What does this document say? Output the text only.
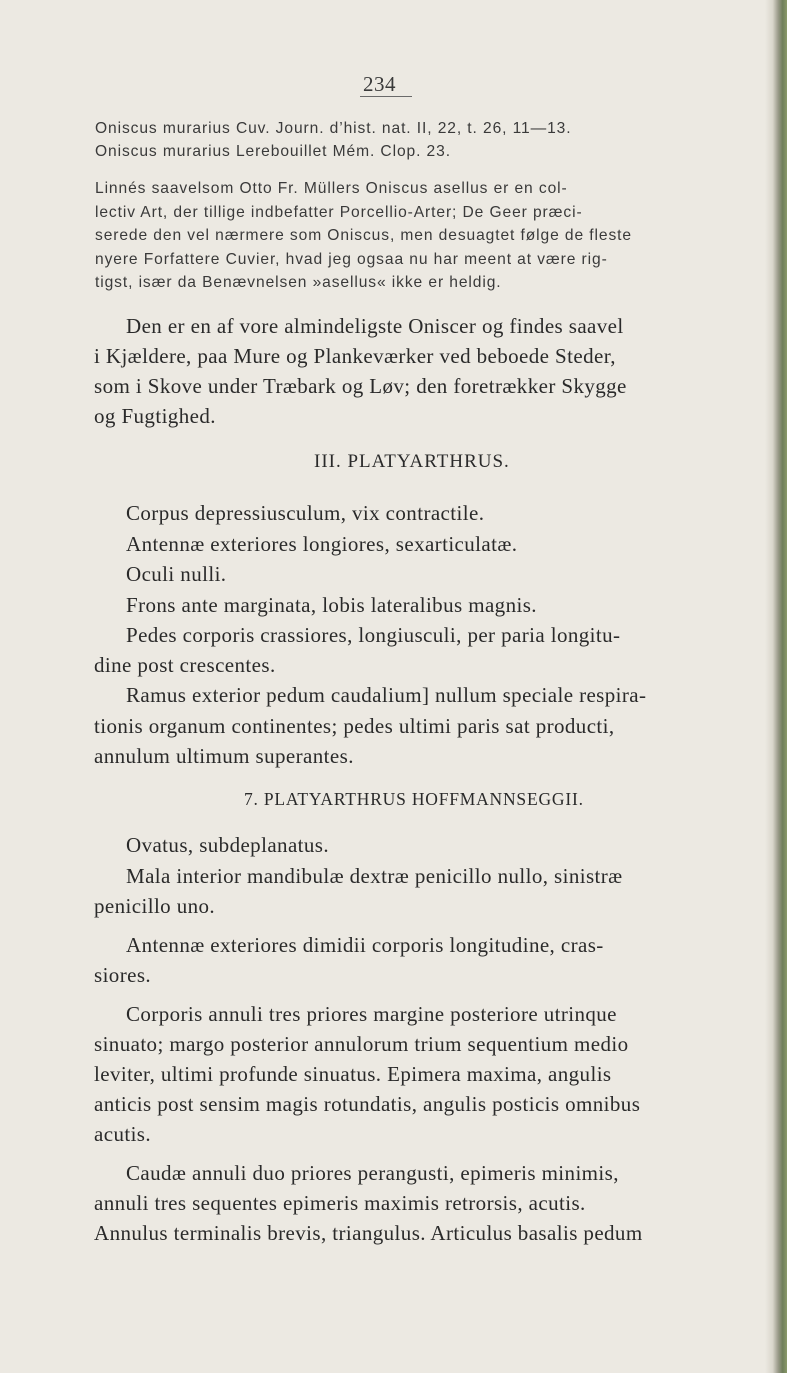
234

Oniscus murarius Cuv. Journ. d’hist. nat. II, 22, t. 26, 11—13.

Oniscus murarius Lerebouillet Mém. Clop. 23.

Linnés saavelsom Otto Fr. Müllers Oniscus asellus er en col-

lectiv Art, der tillige indbefatter Porcellio-Arter; De Geer præci-

serede den vel nærmere som Oniscus, men desuagtet følge de fleste

nyere Forfattere Cuvier, hvad jeg ogsaa nu har meent at være rig-

tigst, især da Benævnelsen »asellus« ikke er heldig.

Den er en af vore almindeligste Oniscer og findes saavel

i Kjældere, paa Mure og Plankeværker ved beboede Steder,

som i Skove under Træbark og Løv; den foretrækker Skygge

og Fugtighed.

III. PLATYARTHRUS.

Corpus depressiusculum, vix contractile.

Antennæ exteriores longiores, sexarticulatæ.

Oculi nulli.

Frons ante marginata, lobis lateralibus magnis.

Pedes corporis crassiores, longiusculi, per paria longitu-

dine post crescentes.

Ramus exterior pedum caudalium] nullum speciale respira-

tionis organum continentes; pedes ultimi paris sat producti,

annulum ultimum superantes.

7. PLATYARTHRUS HOFFMANNSEGGII.

Ovatus, subdeplanatus.

Mala interior mandibulæ dextræ penicillo nullo, sinistræ

penicillo uno.

Antennæ exteriores dimidii corporis longitudine, cras-

siores.

Corporis annuli tres priores margine posteriore utrinque

sinuato; margo posterior annulorum trium sequentium medio

leviter, ultimi profunde sinuatus. Epimera maxima, angulis

anticis post sensim magis rotundatis, angulis posticis omnibus

acutis.

Caudæ annuli duo priores perangusti, epimeris minimis,

annuli tres sequentes epimeris maximis retrorsis, acutis.

Annulus terminalis brevis, triangulus. Articulus basalis pedum
